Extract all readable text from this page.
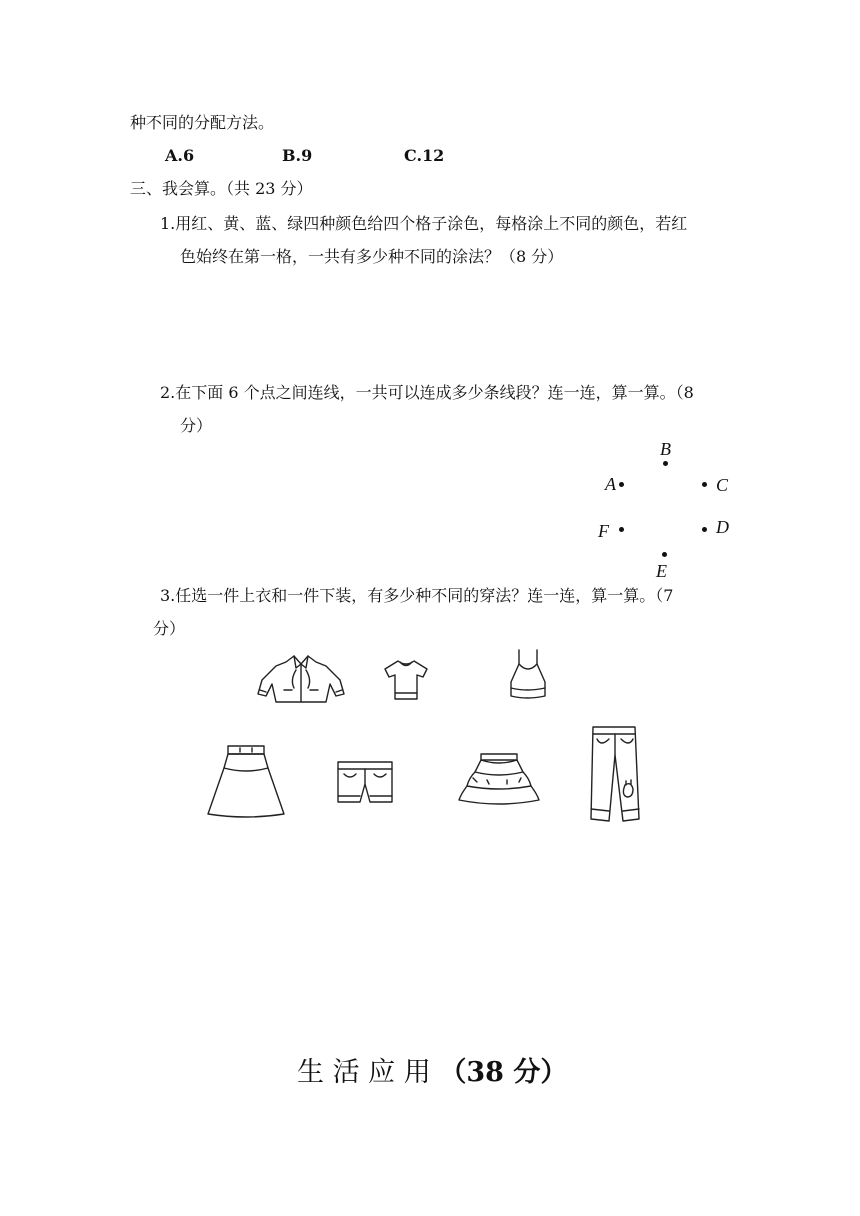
种不同的分配方法。
A.6	B.9	C.12
三、我会算。（共 23 分）
1.用红、黄、蓝、绿四种颜色给四个格子涂色，每格涂上不同的颜色，若红
色始终在第一格，一共有多少种不同的涂法？（8 分）
2.在下面 6 个点之间连线，一共可以连成多少条线段？连一连，算一算。（8
分）
B
A	C
F	D
E
3.任选一件上衣和一件下装，有多少种不同的穿法？连一连，算一算。（7
分）
生 活 应 用 （38 分）
